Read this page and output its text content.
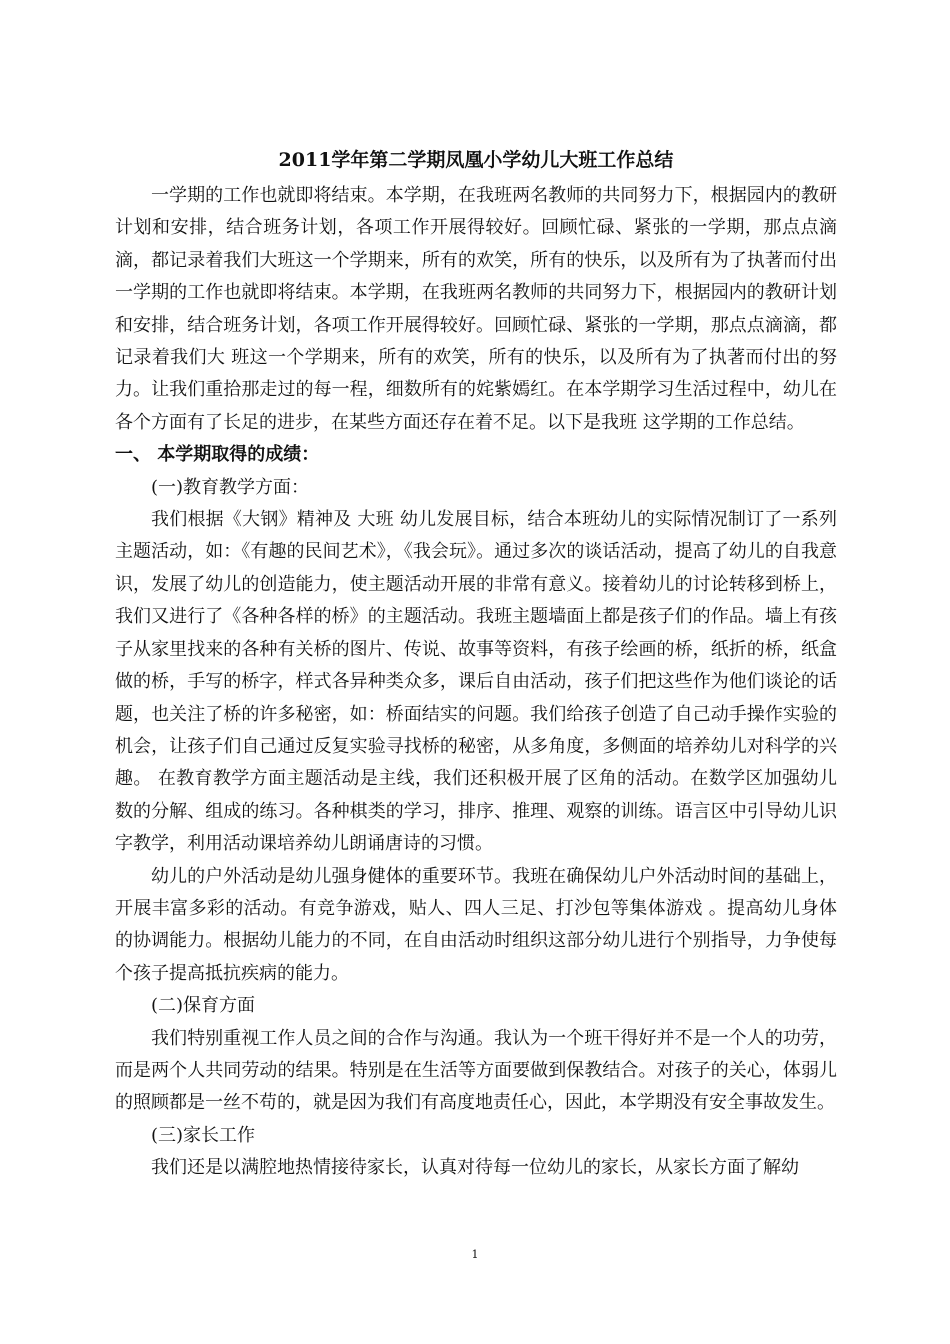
2011学年第二学期凤凰小学幼儿大班工作总结

一学期的工作也就即将结束。本学期，在我班两名教师的共同努力下，根据园内的教研计划和安排，结合班务计划，各项工作开展得较好。回顾忙碌、紧张的一学期，那点点滴滴，都记录着我们大班这一个学期来，所有的欢笑，所有的快乐，以及所有为了执著而付出一学期的工作也就即将结束。本学期，在我班两名教师的共同努力下，根据园内的教研计划和安排，结合班务计划，各项工作开展得较好。回顾忙碌、紧张的一学期，那点点滴滴，都记录着我们大 班这一个学期来，所有的欢笑，所有的快乐，以及所有为了执著而付出的努力。让我们重拾那走过的每一程，细数所有的姹紫嫣红。在本学期学习生活过程中，幼儿在各个方面有了长足的进步，在某些方面还存在着不足。以下是我班 这学期的工作总结。

一、 本学期取得的成绩：

(一)教育教学方面：

我们根据《大钢》精神及 大班 幼儿发展目标，结合本班幼儿的实际情况制订了一系列主题活动，如：《有趣的民间艺术》，《我会玩》。通过多次的谈话活动，提高了幼儿的自我意识，发展了幼儿的创造能力，使主题活动开展的非常有意义。接着幼儿的讨论转移到桥上，我们又进行了《各种各样的桥》的主题活动。我班主题墙面上都是孩子们的作品。墙上有孩子从家里找来的各种有关桥的图片、传说、故事等资料，有孩子绘画的桥，纸折的桥，纸盒做的桥，手写的桥字，样式各异种类众多，课后自由活动，孩子们把这些作为他们谈论的话题，也关注了桥的许多秘密，如：桥面结实的问题。我们给孩子创造了自己动手操作实验的机会，让孩子们自己通过反复实验寻找桥的秘密，从多角度，多侧面的培养幼儿对科学的兴趣。 在教育教学方面主题活动是主线，我们还积极开展了区角的活动。在数学区加强幼儿数的分解、组成的练习。各种棋类的学习，排序、推理、观察的训练。语言区中引导幼儿识字教学，利用活动课培养幼儿朗诵唐诗的习惯。

幼儿的户外活动是幼儿强身健体的重要环节。我班在确保幼儿户外活动时间的基础上，开展丰富多彩的活动。有竞争游戏，贴人、四人三足、打沙包等集体游戏 。提高幼儿身体的协调能力。根据幼儿能力的不同，在自由活动时组织这部分幼儿进行个别指导，力争使每个孩子提高抵抗疾病的能力。

(二)保育方面

我们特别重视工作人员之间的合作与沟通。我认为一个班干得好并不是一个人的功劳，而是两个人共同劳动的结果。特别是在生活等方面要做到保教结合。对孩子的关心，体弱儿的照顾都是一丝不苟的，就是因为我们有高度地责任心，因此，本学期没有安全事故发生。

(三)家长工作

我们还是以满腔地热情接待家长，认真对待每一位幼儿的家长，从家长方面了解幼

1
